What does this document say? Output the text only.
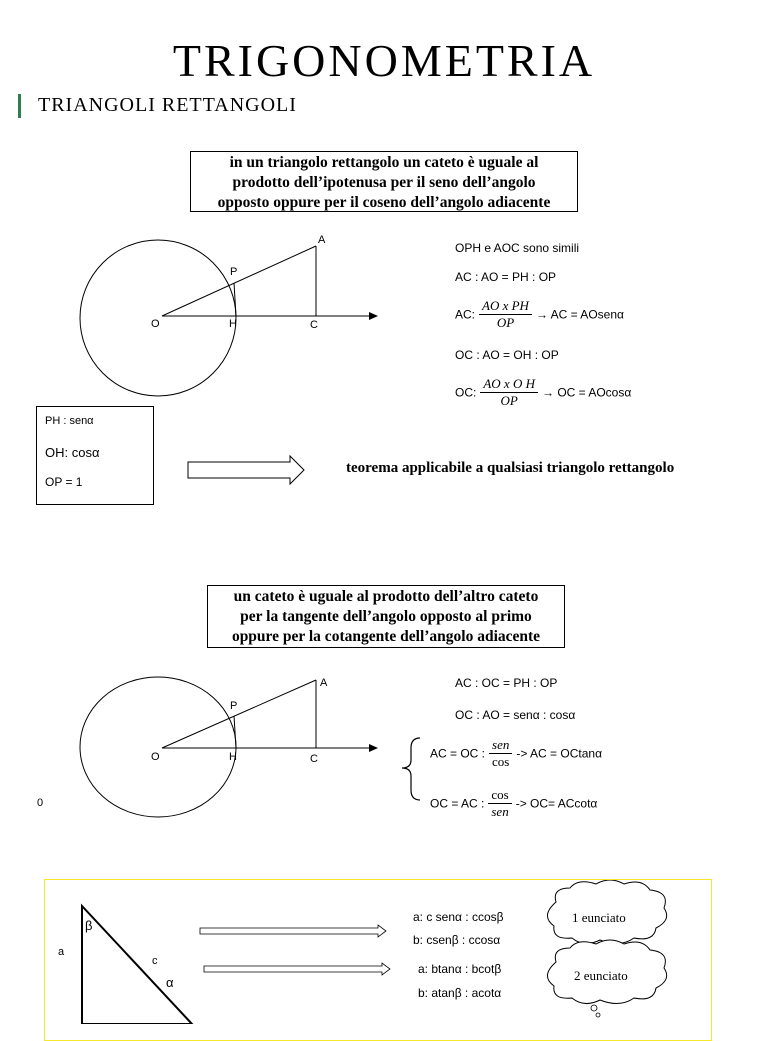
TRIGONOMETRIA
TRIANGOLI RETTANGOLI
in un triangolo rettangolo un cateto è uguale al
prodotto dell’ipotenusa per il seno dell’angolo
opposto oppure per il coseno dell’angolo adiacente
A
P
O	H	C
OPH e AOC sono simili
AC : AO = PH : OP
AC: $\frac{\text{AO x PH}}{OP}$ → AC = AOsenα
OC : AO = OH : OP
OC: $\frac{\text{AO x O H}}{OP}$ → OC = AOcosα
PH : senα
OH: cosα
OP = 1
teorema applicabile a qualsiasi triangolo rettangolo
un cateto è uguale al prodotto dell’altro cateto
per la tangente dell’angolo opposto al primo
oppure per la cotangente dell’angolo adiacente
A
P
O	H	C
0
AC : OC = PH : OP
OC : AO = senα : cosα
AC = OC : $\frac{\text{sen}}{\cos}$ -> AC = OCtanα
OC = AC : $\frac{\cos}{\text{sen}} -> OC= ACcot\alpha$
β
a
c
α
a: c senα : ccosβ
b: csenβ : ccosα
a: btanα : bcotβ
b: atanβ : acotα
1 eunciato
2 eunciato
